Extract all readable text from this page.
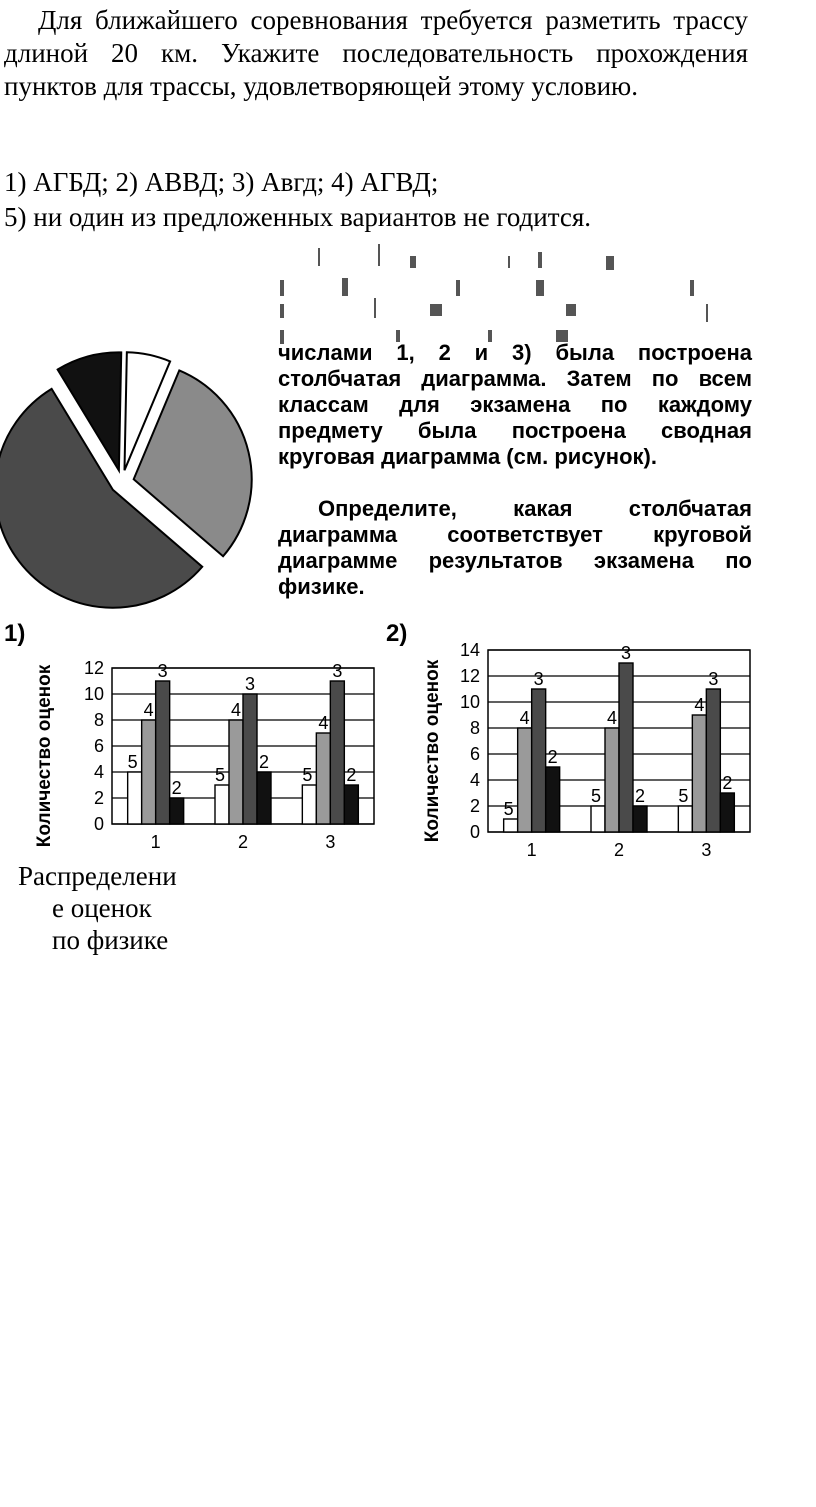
Для ближайшего соревнования требуется разметить трассу длиной 20 км. Укажите последовательность прохождения пунктов для трассы, удовлетворяющей этому условию.

1) АГБД; 2) АВВД; 3) Авгд; 4) АГВД;

5) ни один из предложенных вариантов не годится.

числами 1, 2 и 3) была построена столбчатая диаграмма. Затем по всем классам для экзамена по каждому предмету была построена сводная круговая диаграмма (см. рисунок).

Определите, какая столбчатая диаграмма соответствует круговой диаграмме результатов экзамена по физике.

1)
Количество оценок 0
2
4
6
8
10
12
5
4
3
2
1
5
4
3
2
2
5
4
3
2
3
2)
Количество оценок 0
2
4
6
8
10
12
14
5
4
3
2
1
5
4
3
2
2
5
4
3
2
3
Распределени
е оценок
по физике
